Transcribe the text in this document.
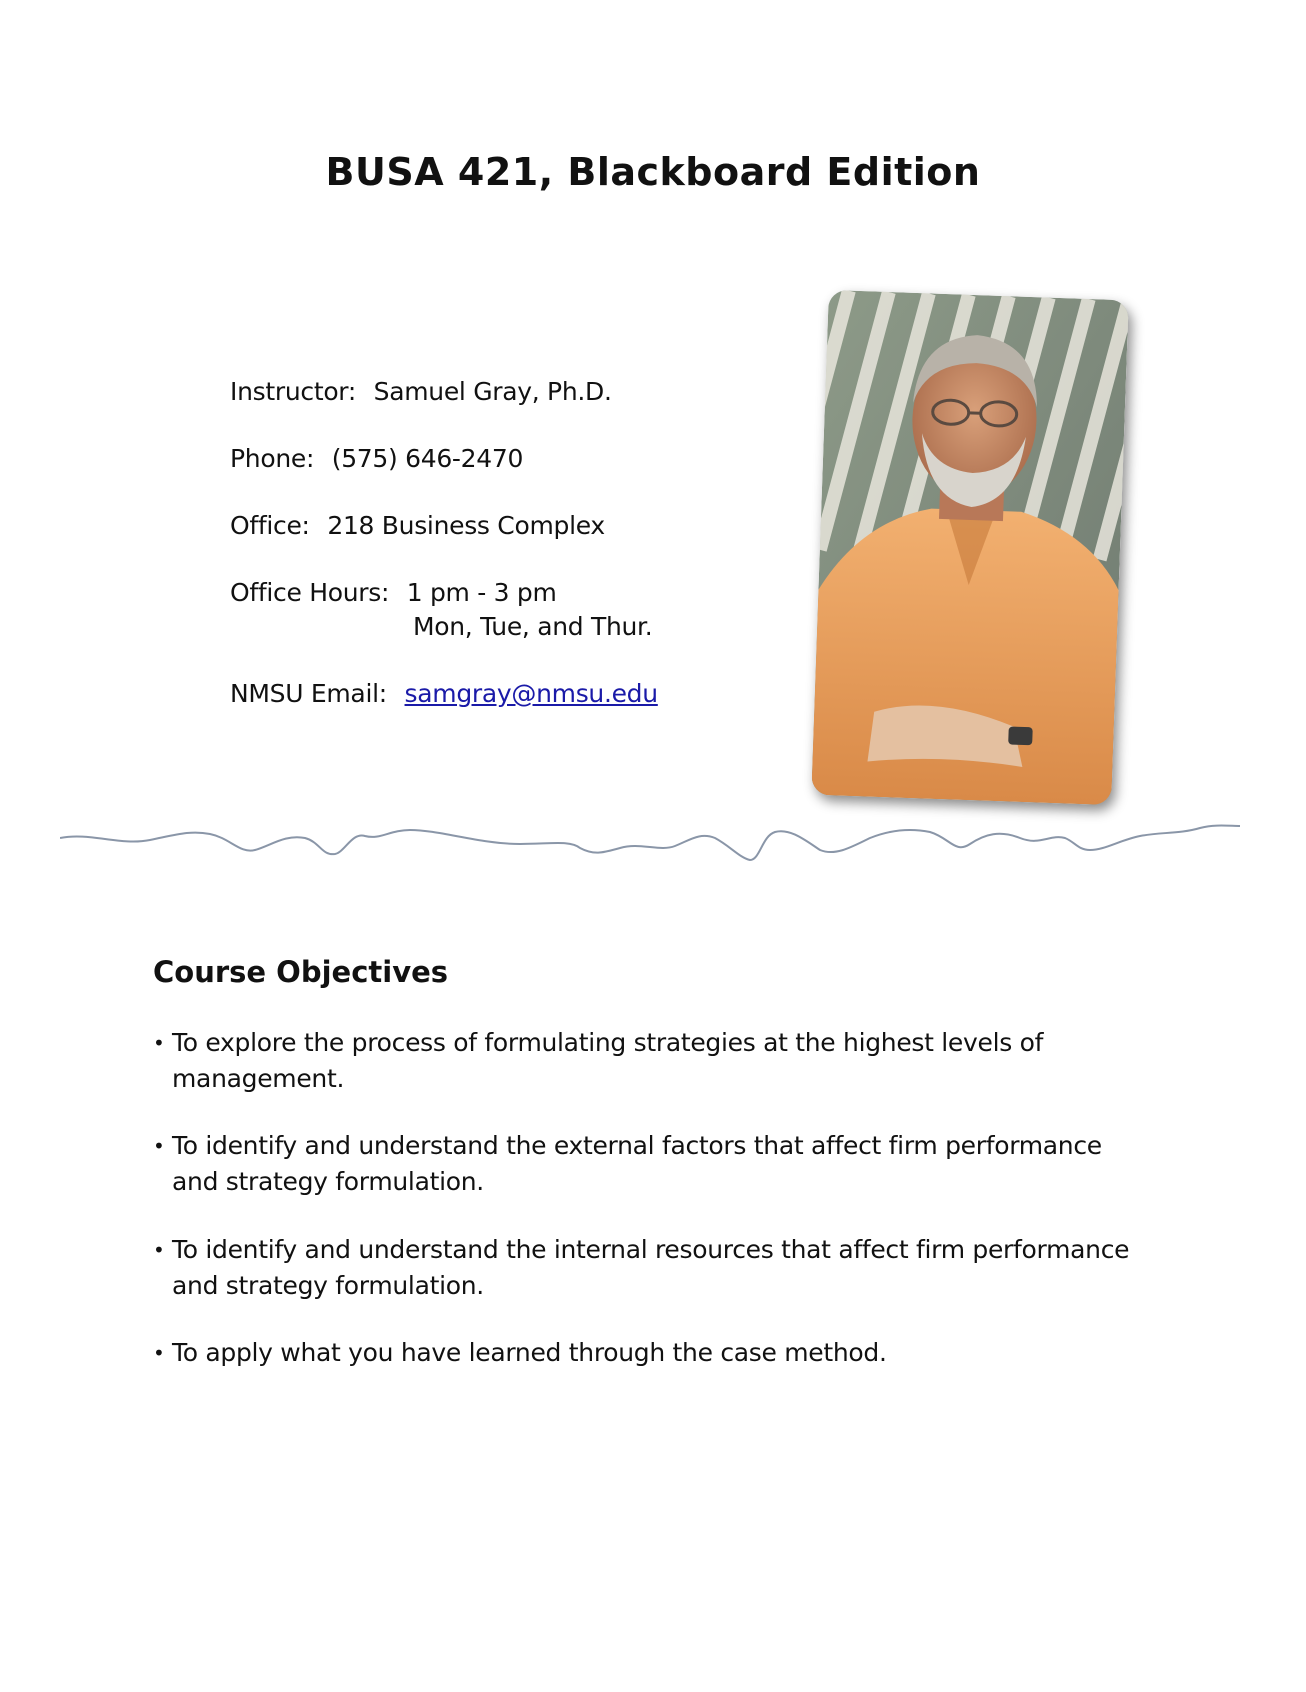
BUSA 421, Blackboard Edition
Instructor: Samuel Gray, Ph.D.
Phone: (575) 646-2470
Office: 218 Business Complex
Office Hours: 1 pm - 3 pm
Mon, Tue, and Thur.
NMSU Email: samgray@nmsu.edu
Course Objectives
• To explore the process of formulating strategies at the highest levels of management.
• To identify and understand the external factors that affect firm performance and strategy formulation.
• To identify and understand the internal resources that affect firm performance and strategy formulation.
• To apply what you have learned through the case method.
